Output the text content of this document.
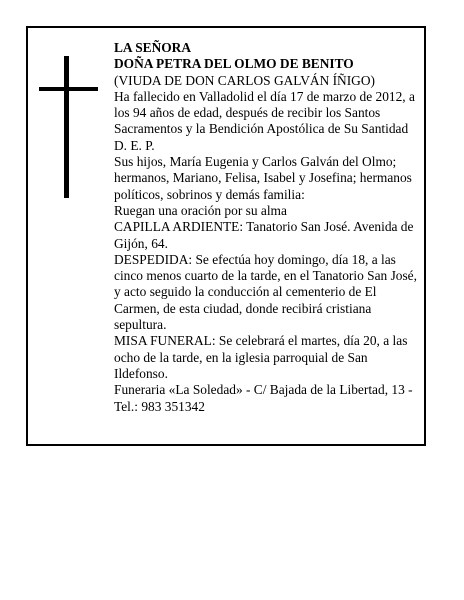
LA SEÑORA

DOÑA PETRA DEL OLMO DE BENITO

(VIUDA DE DON CARLOS GALVÁN ÍÑIGO)

Ha fallecido en Valladolid el día 17 de marzo de 2012, a los 94 años de edad, después de recibir los Santos Sacramentos y la Bendición Apostólica de Su Santidad

D. E. P.

Sus hijos, María Eugenia y Carlos Galván del Olmo; hermanos, Mariano, Felisa, Isabel y Josefina; hermanos políticos, sobrinos y demás familia:

Ruegan una oración por su alma

CAPILLA ARDIENTE: Tanatorio San José. Avenida de Gijón, 64.

DESPEDIDA: Se efectúa hoy domingo, día 18, a las cinco menos cuarto de la tarde, en el Tanatorio San José, y acto seguido la conducción al cementerio de El Carmen, de esta ciudad, donde recibirá cristiana sepultura.

MISA FUNERAL: Se celebrará el martes, día 20, a las ocho de la tarde, en la iglesia parroquial de San Ildefonso.

Funeraria «La Soledad» - C/ Bajada de la Libertad, 13 - Tel.: 983 351342
